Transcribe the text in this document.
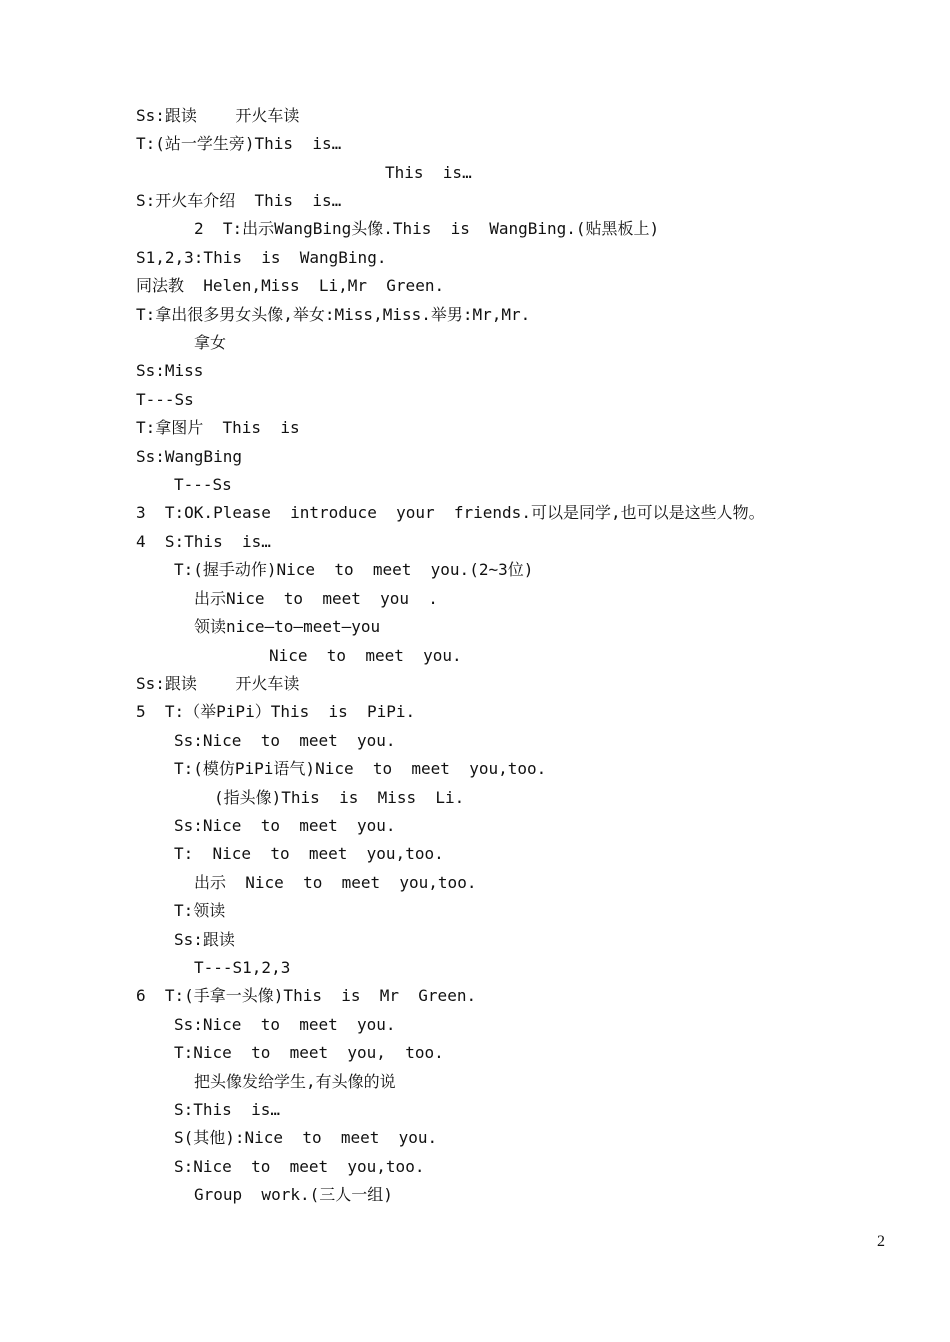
Ss:跟读    开火车读
T:(站一学生旁)This  is…
This  is…
S:开火车介绍  This  is…
2  T:出示WangBing头像.This  is  WangBing.(贴黑板上)
S1,2,3:This  is  WangBing.
同法教  Helen,Miss  Li,Mr  Green.
T:拿出很多男女头像,举女:Miss,Miss.举男:Mr,Mr.
拿女
Ss:Miss
T---Ss
T:拿图片  This  is
Ss:WangBing
T---Ss
3  T:OK.Please  introduce  your  friends.可以是同学,也可以是这些人物。
4  S:This  is…
T:(握手动作)Nice  to  meet  you.(2~3位)
出示Nice  to  meet  you  .
领读nice—to—meet—you
Nice  to  meet  you.
Ss:跟读    开火车读
5  T:（举PiPi）This  is  PiPi.
Ss:Nice  to  meet  you.
T:(模仿PiPi语气)Nice  to  meet  you,too.
(指头像)This  is  Miss  Li.
Ss:Nice  to  meet  you.
T:  Nice  to  meet  you,too.
出示  Nice  to  meet  you,too.
T:领读
Ss:跟读
T---S1,2,3
6  T:(手拿一头像)This  is  Mr  Green.
Ss:Nice  to  meet  you.
T:Nice  to  meet  you,  too.
把头像发给学生,有头像的说
S:This  is…
S(其他):Nice  to  meet  you.
S:Nice  to  meet  you,too.
Group  work.(三人一组)
2
